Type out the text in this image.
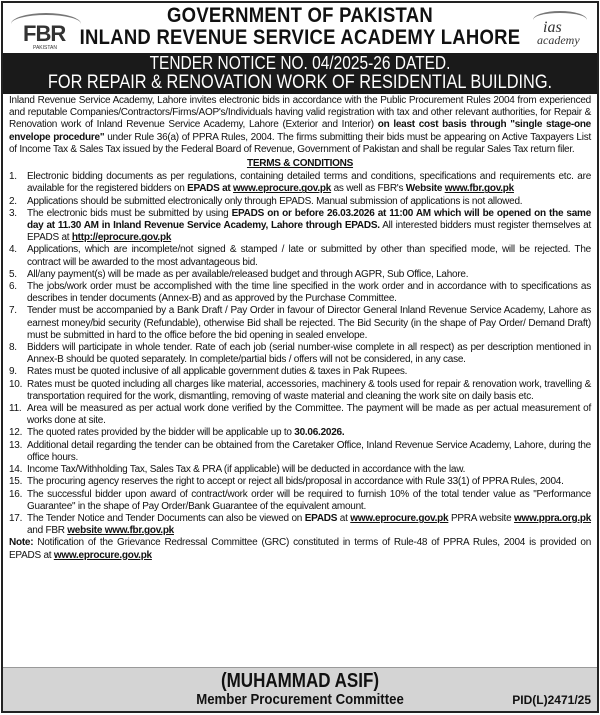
FBR
PAKISTAN
GOVERNMENT OF PAKISTAN
INLAND REVENUE SERVICE ACADEMY LAHORE	ias
academy
TENDER NOTICE NO. 04/2025-26 DATED.
FOR REPAIR & RENOVATION WORK OF RESIDENTIAL BUILDING.

Inland Revenue Service Academy, Lahore invites electronic bids in accordance with the Public Procurement Rules 2004 from experienced and reputable Companies/Contractors/Firms/AOP's/Individuals having valid registration with tax and other relevant authorities, for Repair & Renovation work of Inland Revenue Service Academy, Lahore (Exterior and Interior) on least cost basis through "single stage-one envelope procedure" under Rule 36(a) of PPRA Rules, 2004. The firms submitting their bids must be appearing on Active Taxpayers List of Income Tax & Sales Tax issued by the Federal Board of Revenue, Government of Pakistan and shall be regular Sales Tax return filer.

TERMS & CONDITIONS
1. Electronic bidding documents as per regulations, containing detailed terms and conditions, specifications and requirements etc. are available for the registered bidders on EPADS at www.eprocure.gov.pk as well as FBR's Website www.fbr.gov.pk
2. Applications should be submitted electronically only through EPADS. Manual submission of applications is not allowed.
3. The electronic bids must be submitted by using EPADS on or before 26.03.2026 at 11:00 AM which will be opened on the same day at 11.30 AM in Inland Revenue Service Academy, Lahore through EPADS. All interested bidders must register themselves at EPADS at http://eprocure.gov.pk
4. Applications, which are incomplete/not signed & stamped / late or submitted by other than specified mode, will be rejected. The contract will be awarded to the most advantageous bid.
5. All/any payment(s) will be made as per available/released budget and through AGPR, Sub Office, Lahore.
6. The jobs/work order must be accomplished with the time line specified in the work order and in accordance with to specifications as describes in tender documents (Annex-B) and as approved by the Purchase Committee.
7. Tender must be accompanied by a Bank Draft / Pay Order in favour of Director General Inland Revenue Service Academy, Lahore as earnest money/bid security (Refundable), otherwise Bid shall be rejected. The Bid Security (in the shape of Pay Order/ Demand Draft) must be submitted in hard to the office before the bid opening in sealed envelope.
8. Bidders will participate in whole tender. Rate of each job (serial number-wise complete in all respect) as per description mentioned in Annex-B should be quoted separately. In complete/partial bids / offers will not be considered, in any case.
9. Rates must be quoted inclusive of all applicable government duties & taxes in Pak Rupees.
10. Rates must be quoted including all charges like material, accessories, machinery & tools used for repair & renovation work, travelling & transportation required for the work, dismantling, removing of waste material and cleaning the work site on daily basis etc.
11. Area will be measured as per actual work done verified by the Committee. The payment will be made as per actual measurement of works done at site.
12. The quoted rates provided by the bidder will be applicable up to 30.06.2026.
13. Additional detail regarding the tender can be obtained from the Caretaker Office, Inland Revenue Service Academy, Lahore, during the office hours.
14. Income Tax/Withholding Tax, Sales Tax & PRA (if applicable) will be deducted in accordance with the law.
15. The procuring agency reserves the right to accept or reject all bids/proposal in accordance with Rule 33(1) of PPRA Rules, 2004.
16. The successful bidder upon award of contract/work order will be required to furnish 10% of the total tender value as "Performance Guarantee" in the shape of Pay Order/Bank Guarantee of the equivalent amount.
17. The Tender Notice and Tender Documents can also be viewed on EPADS at www.eprocure.gov.pk PPRA website www.ppra.org.pk and FBR website www.fbr.gov.pk

Note: Notification of the Grievance Redressal Committee (GRC) constituted in terms of Rule-48 of PPRA Rules, 2004 is provided on EPADS at www.eprocure.gov.pk

(MUHAMMAD ASIF)
Member Procurement Committee	PID(L)2471/25
